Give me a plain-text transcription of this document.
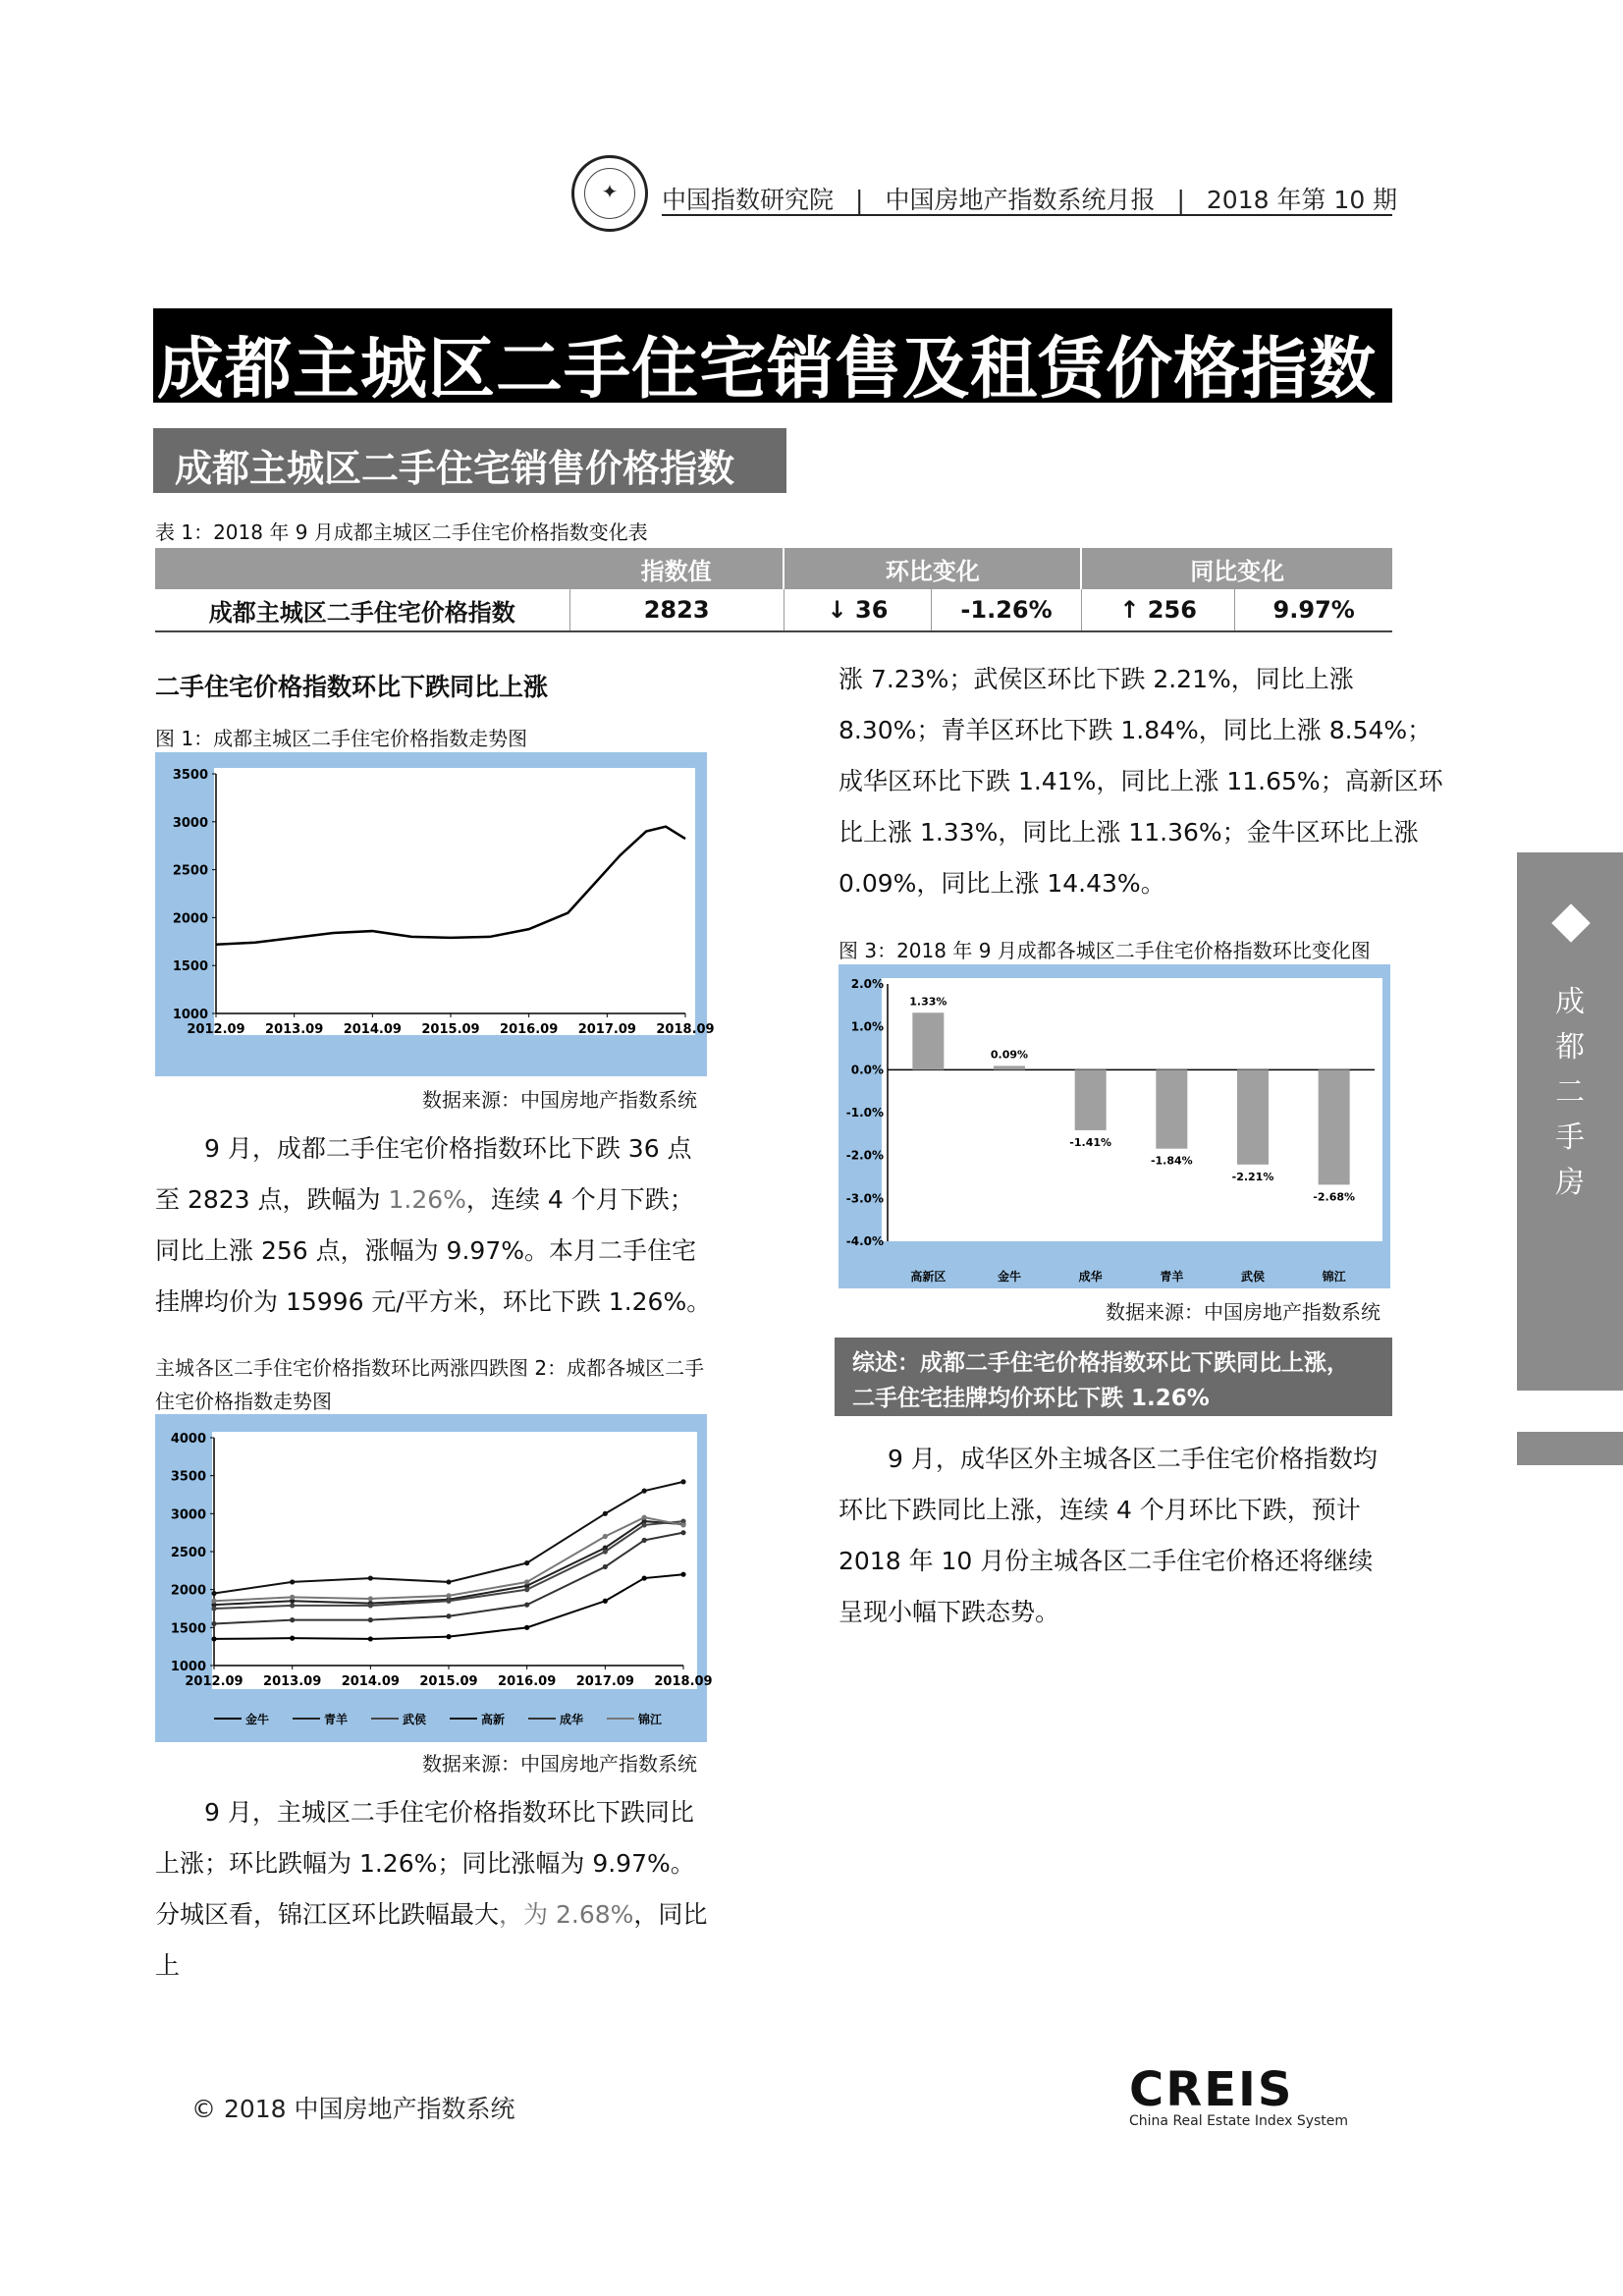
✦	中国指数研究院 | 中国房地产指数系统月报 | 2018 年第 10 期
成都主城区二手住宅销售及租赁价格指数
成都主城区二手住宅销售价格指数
表 1：2018 年 9 月成都主城区二手住宅价格指数变化表
	指数值	环比变化		同比变化	
成都主城区二手住宅价格指数	2823	↓ 36	-1.26%	↑ 256	9.97%
二手住宅价格指数环比下跌同比上涨
图 1：成都主城区二手住宅价格指数走势图
1000
1500
2000
2500
3000
3500
2012.09 2013.09 2014.09 2015.09 2016.09 2017.09 2018.09
数据来源：中国房地产指数系统
9 月，成都二手住宅价格指数环比下跌 36 点至 2823 点，跌幅为 1.26%，连续 4 个月下跌；同比上涨 256 点，涨幅为 9.97%。本月二手住宅挂牌均价为 15996 元/平方米，环比下跌 1.26%。
主城各区二手住宅价格指数环比两涨四跌图 2：成都各城区二手住宅价格指数走势图
1000
1500
2000
2500
3000
3500
4000
2012.09 2013.09 2014.09 2015.09 2016.09 2017.09 2018.09
金牛	青羊	武侯	高新	成华	锦江
数据来源：中国房地产指数系统
9 月，主城区二手住宅价格指数环比下跌同比上涨；环比跌幅为 1.26%；同比涨幅为 9.97%。分城区看，锦江区环比跌幅最大，为 2.68%，同比上
涨 7.23%；武侯区环比下跌 2.21%，同比上涨 8.30%；青羊区环比下跌 1.84%，同比上涨 8.54%；成华区环比下跌 1.41%，同比上涨 11.65%；高新区环比上涨 1.33%，同比上涨 11.36%；金牛区环比上涨 0.09%，同比上涨 14.43%。
图 3：2018 年 9 月成都各城区二手住宅价格指数环比变化图
2.0%
1.0%
0.0%
-1.0%
-2.0%
-3.0%
-4.0%
1.33%
高新区
0.09%
金牛
-1.41%
成华
-1.84%
青羊
-2.21%
武侯
-2.68%
锦江
数据来源：中国房地产指数系统
综述：成都二手住宅价格指数环比下跌同比上涨，
二手住宅挂牌均价环比下跌 1.26%
9 月，成华区外主城各区二手住宅价格指数均环比下跌同比上涨，连续 4 个月环比下跌，预计 2018 年 10 月份主城各区二手住宅价格还将继续呈现小幅下跌态势。
成
都
二
手
房
© 2018 中国房地产指数系统	CREIS
China Real Estate Index System
